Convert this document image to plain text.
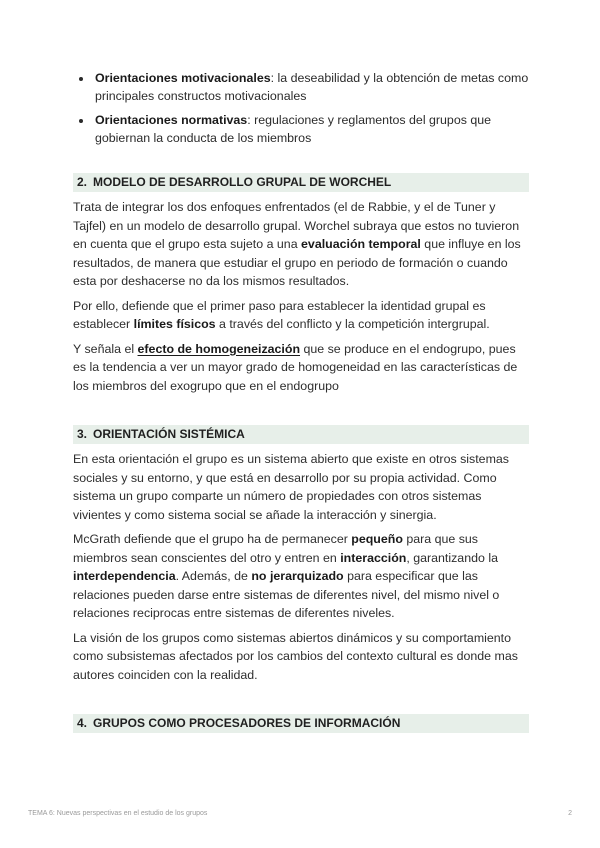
Orientaciones motivacionales: la deseabilidad y la obtención de metas como principales constructos motivacionales
Orientaciones normativas: regulaciones y reglamentos del grupos que gobiernan la conducta de los miembros
2. MODELO DE DESARROLLO GRUPAL DE WORCHEL

Trata de integrar los dos enfoques enfrentados (el de Rabbie, y el de Tuner y Tajfel) en un modelo de desarrollo grupal. Worchel subraya que estos no tuvieron en cuenta que el grupo esta sujeto a una evaluación temporal que influye en los resultados, de manera que estudiar el grupo en periodo de formación o cuando esta por deshacerse no da los mismos resultados.

Por ello, defiende que el primer paso para establecer la identidad grupal es establecer límites físicos a través del conflicto y la competición intergrupal.

Y señala el efecto de homogeneización que se produce en el endogrupo, pues es la tendencia a ver un mayor grado de homogeneidad en las características de los miembros del exogrupo que en el endogrupo

3. ORIENTACIÓN SISTÉMICA

En esta orientación el grupo es un sistema abierto que existe en otros sistemas sociales y su entorno, y que está en desarrollo por su propia actividad. Como sistema un grupo comparte un número de propiedades con otros sistemas vivientes y como sistema social se añade la interacción y sinergia.

McGrath defiende que el grupo ha de permanecer pequeño para que sus miembros sean conscientes del otro y entren en interacción, garantizando la interdependencia. Además, de no jerarquizado para especificar que las relaciones pueden darse entre sistemas de diferentes nivel, del mismo nivel o relaciones reciprocas entre sistemas de diferentes niveles.

La visión de los grupos como sistemas abiertos dinámicos y su comportamiento como subsistemas afectados por los cambios del contexto cultural es donde mas autores coinciden con la realidad.

4. GRUPOS COMO PROCESADORES DE INFORMACIÓN
TEMA 6: Nuevas perspectivas en el estudio de los grupos	2
